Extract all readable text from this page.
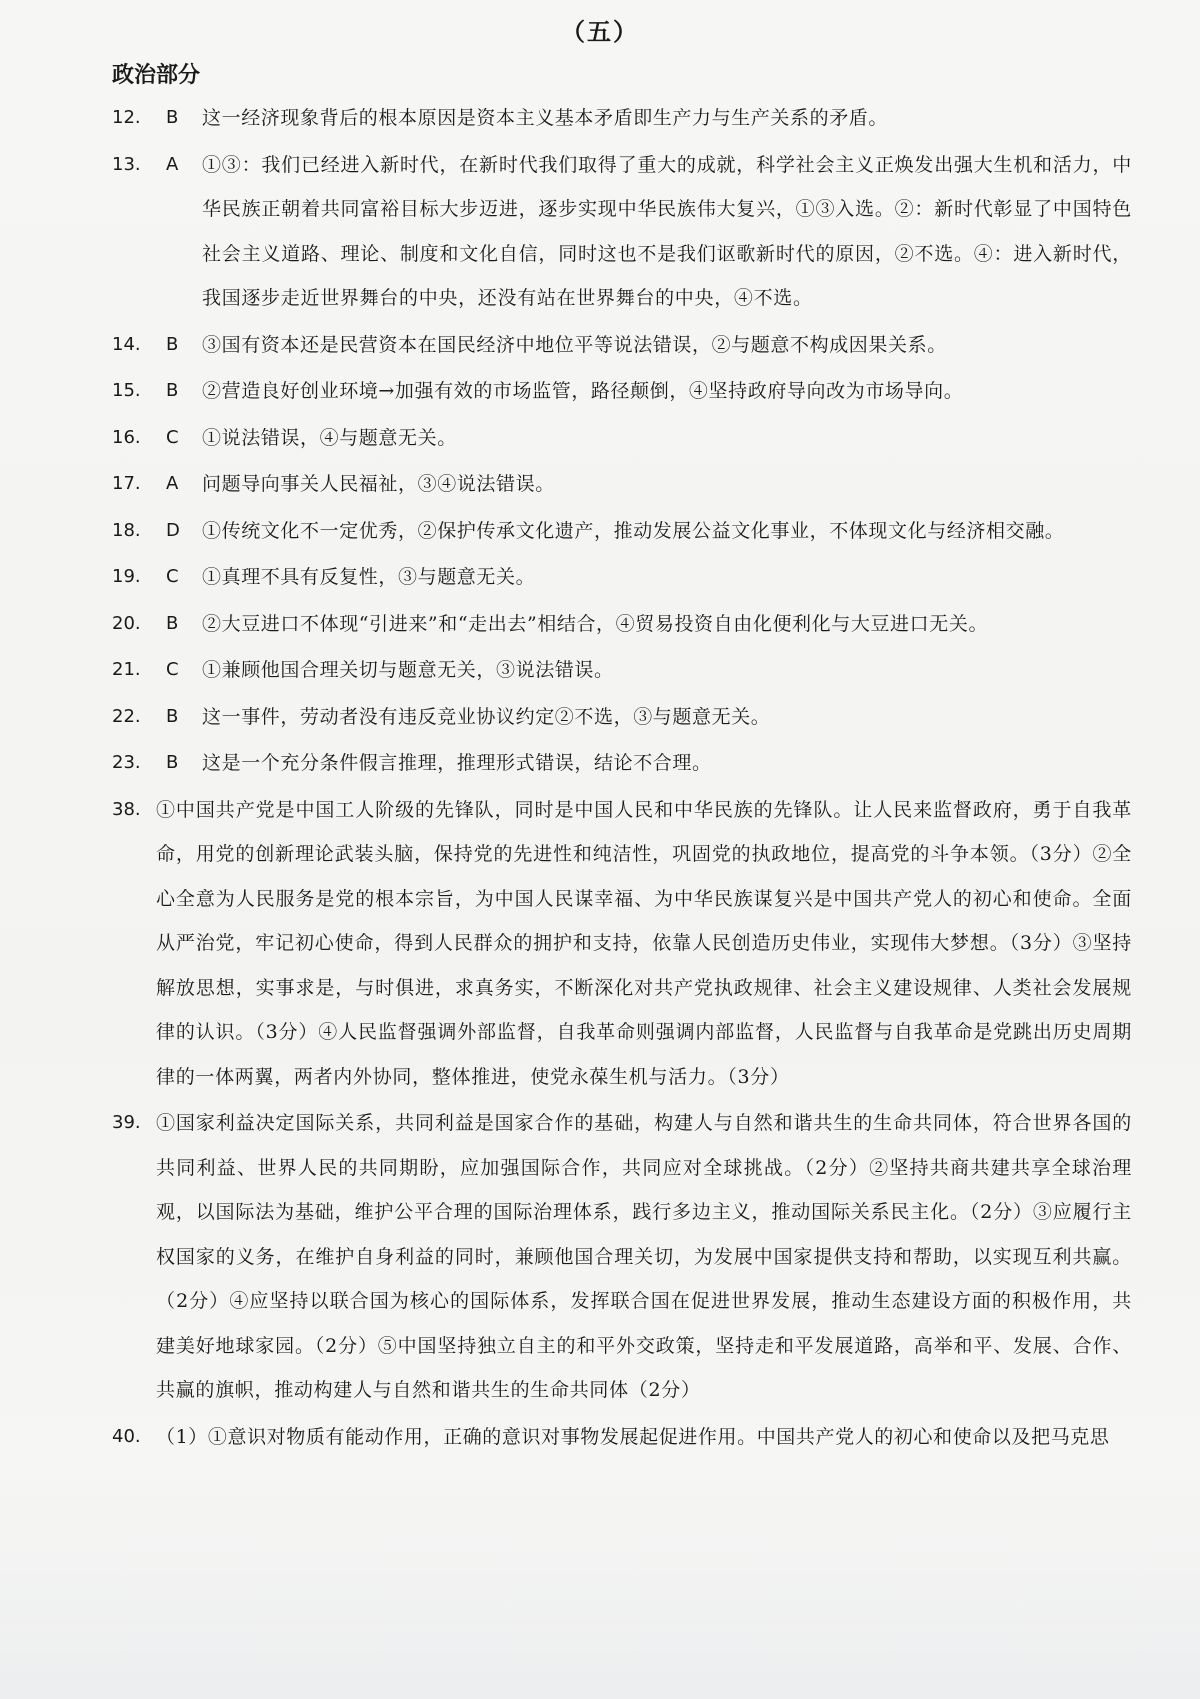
（五）
政治部分
12.	B	这一经济现象背后的根本原因是资本主义基本矛盾即生产力与生产关系的矛盾。
13.	A	①③：我们已经进入新时代，在新时代我们取得了重大的成就，科学社会主义正焕发出强大生机和活力，中华民族正朝着共同富裕目标大步迈进，逐步实现中华民族伟大复兴，①③入选。②：新时代彰显了中国特色社会主义道路、理论、制度和文化自信，同时这也不是我们讴歌新时代的原因，②不选。④：进入新时代，我国逐步走近世界舞台的中央，还没有站在世界舞台的中央，④不选。
14.	B	③国有资本还是民营资本在国民经济中地位平等说法错误，②与题意不构成因果关系。
15.	B	②营造良好创业环境→加强有效的市场监管，路径颠倒，④坚持政府导向改为市场导向。
16.	C	①说法错误，④与题意无关。
17.	A	问题导向事关人民福祉，③④说法错误。
18.	D	①传统文化不一定优秀，②保护传承文化遗产，推动发展公益文化事业，不体现文化与经济相交融。
19.	C	①真理不具有反复性，③与题意无关。
20.	B	②大豆进口不体现“引进来”和“走出去”相结合，④贸易投资自由化便利化与大豆进口无关。
21.	C	①兼顾他国合理关切与题意无关，③说法错误。
22.	B	这一事件，劳动者没有违反竞业协议约定②不选，③与题意无关。
23.	B	这是一个充分条件假言推理，推理形式错误，结论不合理。
38. ①中国共产党是中国工人阶级的先锋队，同时是中国人民和中华民族的先锋队。让人民来监督政府，勇于自我革命，用党的创新理论武装头脑，保持党的先进性和纯洁性，巩固党的执政地位，提高党的斗争本领。（3分）②全心全意为人民服务是党的根本宗旨，为中国人民谋幸福、为中华民族谋复兴是中国共产党人的初心和使命。全面从严治党，牢记初心使命，得到人民群众的拥护和支持，依靠人民创造历史伟业，实现伟大梦想。（3分）③坚持解放思想，实事求是，与时俱进，求真务实，不断深化对共产党执政规律、社会主义建设规律、人类社会发展规律的认识。（3分）④人民监督强调外部监督，自我革命则强调内部监督，人民监督与自我革命是党跳出历史周期律的一体两翼，两者内外协同，整体推进，使党永葆生机与活力。（3分）
39. ①国家利益决定国际关系，共同利益是国家合作的基础，构建人与自然和谐共生的生命共同体，符合世界各国的共同利益、世界人民的共同期盼，应加强国际合作，共同应对全球挑战。（2分）②坚持共商共建共享全球治理观，以国际法为基础，维护公平合理的国际治理体系，践行多边主义，推动国际关系民主化。（2分）③应履行主权国家的义务，在维护自身利益的同时，兼顾他国合理关切，为发展中国家提供支持和帮助，以实现互利共赢。（2分）④应坚持以联合国为核心的国际体系，发挥联合国在促进世界发展，推动生态建设方面的积极作用，共建美好地球家园。（2分）⑤中国坚持独立自主的和平外交政策，坚持走和平发展道路，高举和平、发展、合作、共赢的旗帜，推动构建人与自然和谐共生的生命共同体（2分）
40. （1）①意识对物质有能动作用，正确的意识对事物发展起促进作用。中国共产党人的初心和使命以及把马克思
